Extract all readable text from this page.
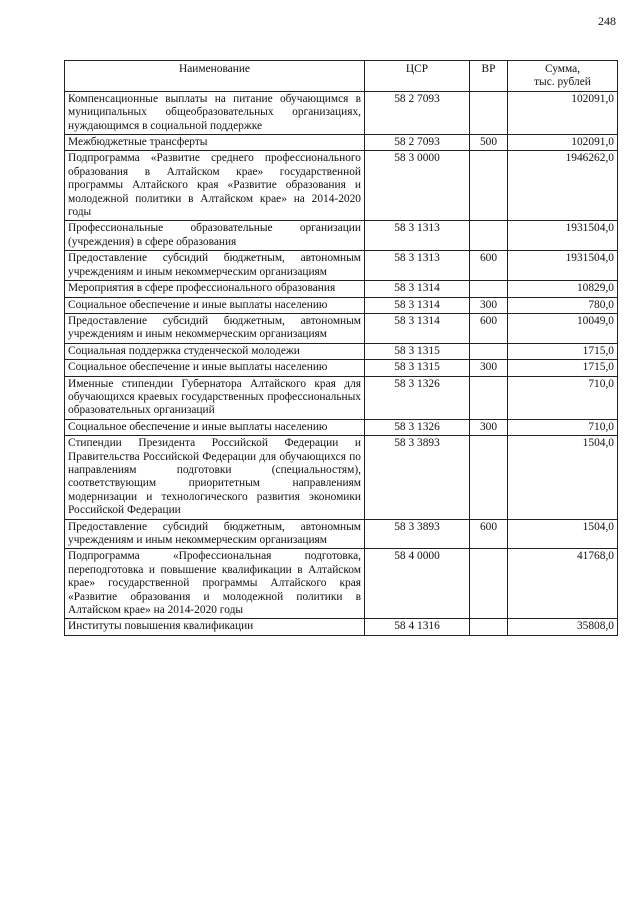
248
Наименование	ЦСР	ВР	Сумма,
тыс. рублей

Компенсационные выплаты на питание обучающимся в муниципальных общеобразовательных организациях, нуждающимся в социальной поддержке	58 2 7093		102091,0
Межбюджетные трансферты	58 2 7093	500	102091,0
Подпрограмма «Развитие среднего профессионального образования в Алтайском крае» государственной программы Алтайского края «Развитие образования и молодежной политики в Алтайском крае» на 2014-2020 годы	58 3 0000		1946262,0
Профессиональные образовательные организации (учреждения) в сфере образования	58 3 1313		1931504,0
Предоставление субсидий бюджетным, автономным учреждениям и иным некоммерческим организациям	58 3 1313	600	1931504,0
Мероприятия в сфере профессионального образования	58 3 1314		10829,0
Социальное обеспечение и иные выплаты населению	58 3 1314	300	780,0
Предоставление субсидий бюджетным, автономным учреждениям и иным некоммерческим организациям	58 3 1314	600	10049,0
Социальная поддержка студенческой молодежи	58 3 1315		1715,0
Социальное обеспечение и иные выплаты населению	58 3 1315	300	1715,0
Именные стипендии Губернатора Алтайского края для обучающихся краевых государственных профессиональных образовательных организаций	58 3 1326		710,0
Социальное обеспечение и иные выплаты населению	58 3 1326	300	710,0
Стипендии Президента Российской Федерации и Правительства Российской Федерации для обучающихся по направлениям подготовки (специальностям), соответствующим приоритетным направлениям модернизации и технологического развития экономики Российской Федерации	58 3 3893		1504,0
Предоставление субсидий бюджетным, автономным учреждениям и иным некоммерческим организациям	58 3 3893	600	1504,0
Подпрограмма «Профессиональная подготовка, переподготовка и повышение квалификации в Алтайском крае» государственной программы Алтайского края «Развитие образования и молодежной политики в Алтайском крае» на 2014-2020 годы	58 4 0000		41768,0
Институты повышения квалификации	58 4 1316		35808,0
